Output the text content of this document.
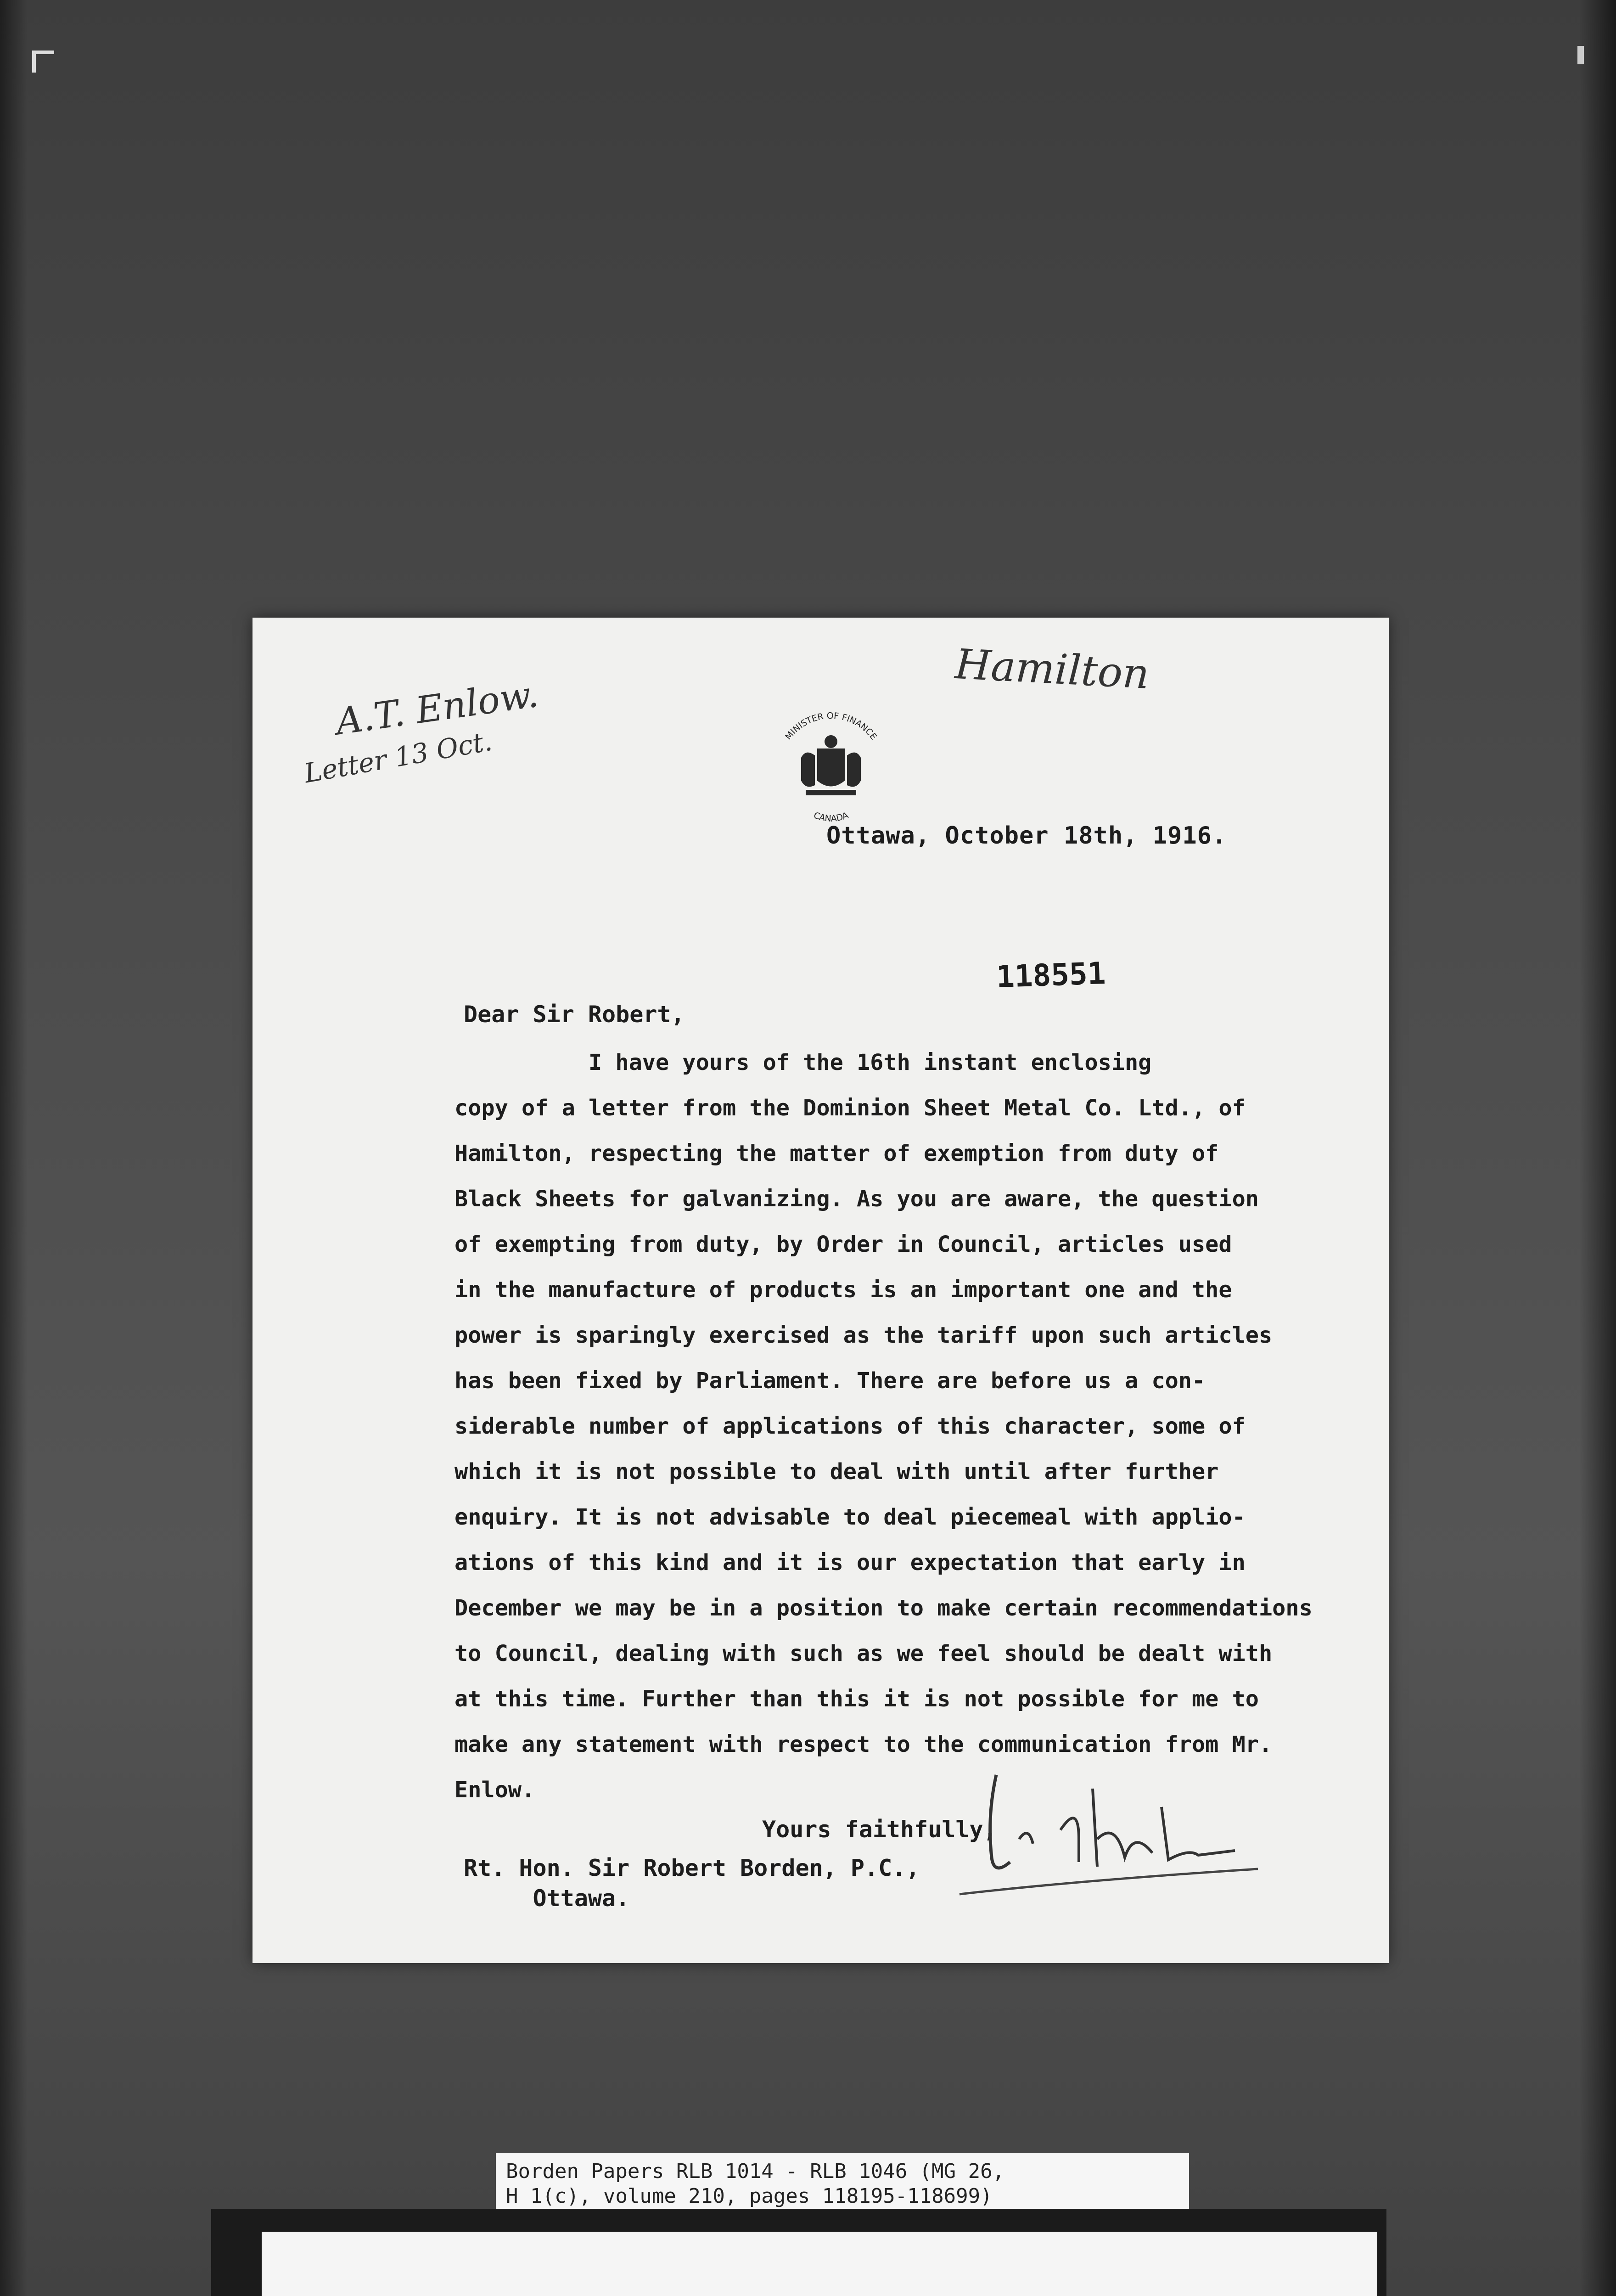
A.T. Enlow.
Letter 13 Oct.
Hamilton
MINISTER OF FINANCE
CANADA
Ottawa, October 18th, 1916.
118551
Dear Sir Robert,
I have yours of the 16th instant enclosing
copy of a letter from the Dominion Sheet Metal Co. Ltd., of
Hamilton, respecting the matter of exemption from duty of
Black Sheets for galvanizing. As you are aware, the question
of exempting from duty, by Order in Council, articles used
in the manufacture of products is an important one and the
power is sparingly exercised as the tariff upon such articles
has been fixed by Parliament. There are before us a con-
siderable number of applications of this character, some of
which it is not possible to deal with until after further
enquiry. It is not advisable to deal piecemeal with applio-
ations of this kind and it is our expectation that early in
December we may be in a position to make certain recommendations
to Council, dealing with such as we feel should be dealt with
at this time. Further than this it is not possible for me to
make any statement with respect to the communication from Mr.
Enlow.
Yours faithfully,
Rt. Hon. Sir Robert Borden, P.C.,
Ottawa.
Borden Papers RLB 1014 - RLB 1046 (MG 26,
H 1(c), volume 210, pages 118195-118699)
